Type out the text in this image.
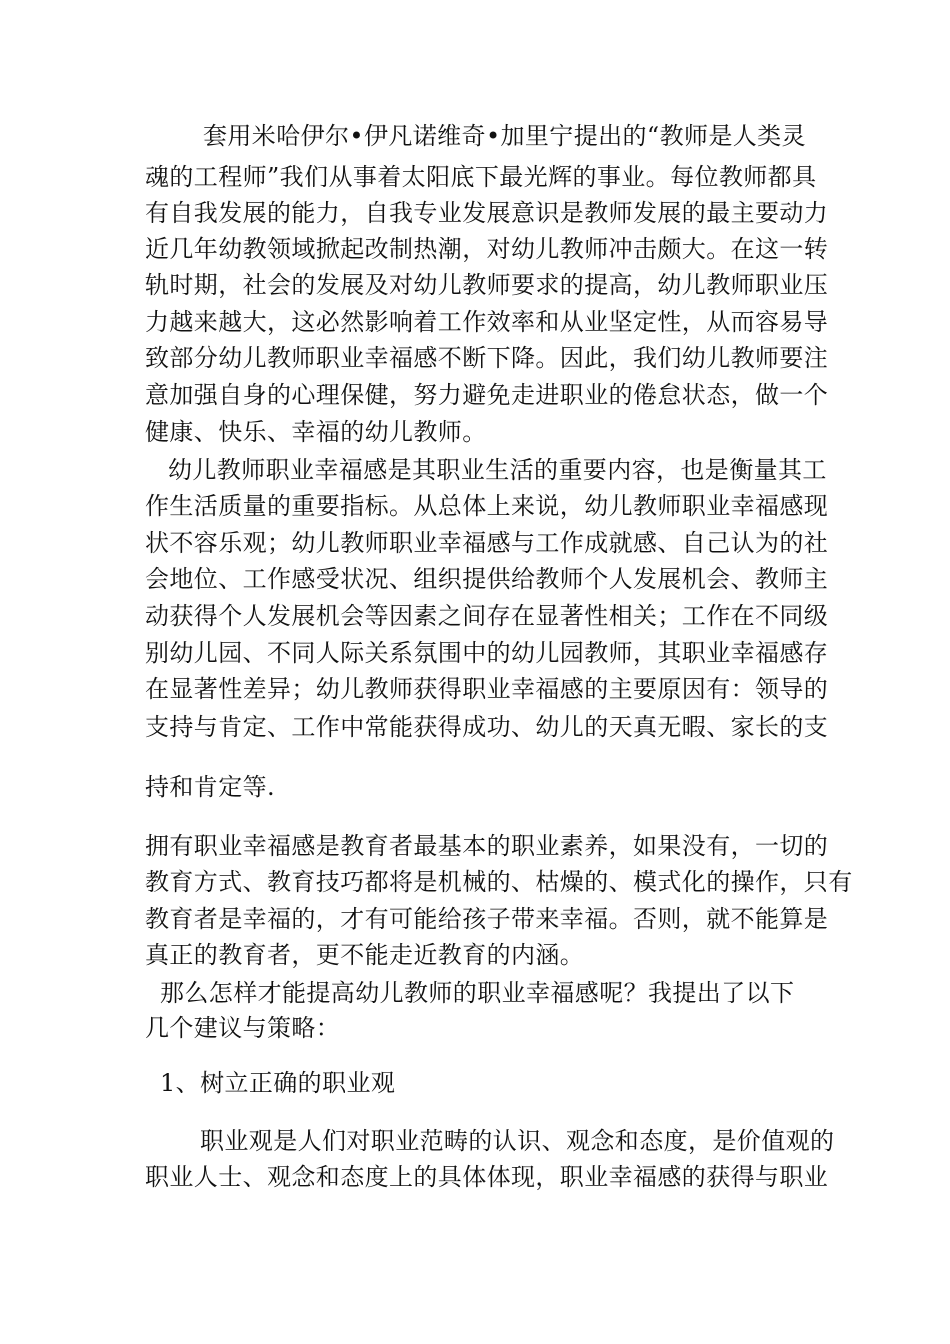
套用米哈伊尔•伊凡诺维奇•加里宁提出的“教师是人类灵
魂的工程师”我们从事着太阳底下最光辉的事业。每位教师都具
有自我发展的能力，自我专业发展意识是教师发展的最主要动力
近几年幼教领域掀起改制热潮，对幼儿教师冲击颇大。在这一转
轨时期，社会的发展及对幼儿教师要求的提高，幼儿教师职业压
力越来越大，这必然影响着工作效率和从业坚定性，从而容易导
致部分幼儿教师职业幸福感不断下降。因此，我们幼儿教师要注
意加强自身的心理保健，努力避免走进职业的倦怠状态，做一个
健康、快乐、幸福的幼儿教师。
幼儿教师职业幸福感是其职业生活的重要内容，也是衡量其工
作生活质量的重要指标。从总体上来说，幼儿教师职业幸福感现
状不容乐观；幼儿教师职业幸福感与工作成就感、自己认为的社
会地位、工作感受状况、组织提供给教师个人发展机会、教师主
动获得个人发展机会等因素之间存在显著性相关；工作在不同级
别幼儿园、不同人际关系氛围中的幼儿园教师，其职业幸福感存
在显著性差异；幼儿教师获得职业幸福感的主要原因有：领导的
支持与肯定、工作中常能获得成功、幼儿的天真无暇、家长的支
持和肯定等.
拥有职业幸福感是教育者最基本的职业素养，如果没有，一切的
教育方式、教育技巧都将是机械的、枯燥的、模式化的操作，只有
教育者是幸福的，才有可能给孩子带来幸福。否则，就不能算是
真正的教育者，更不能走近教育的内涵。
那么怎样才能提高幼儿教师的职业幸福感呢？我提出了以下
几个建议与策略：
1、树立正确的职业观
职业观是人们对职业范畴的认识、观念和态度，是价值观的
职业人士、观念和态度上的具体体现，职业幸福感的获得与职业
